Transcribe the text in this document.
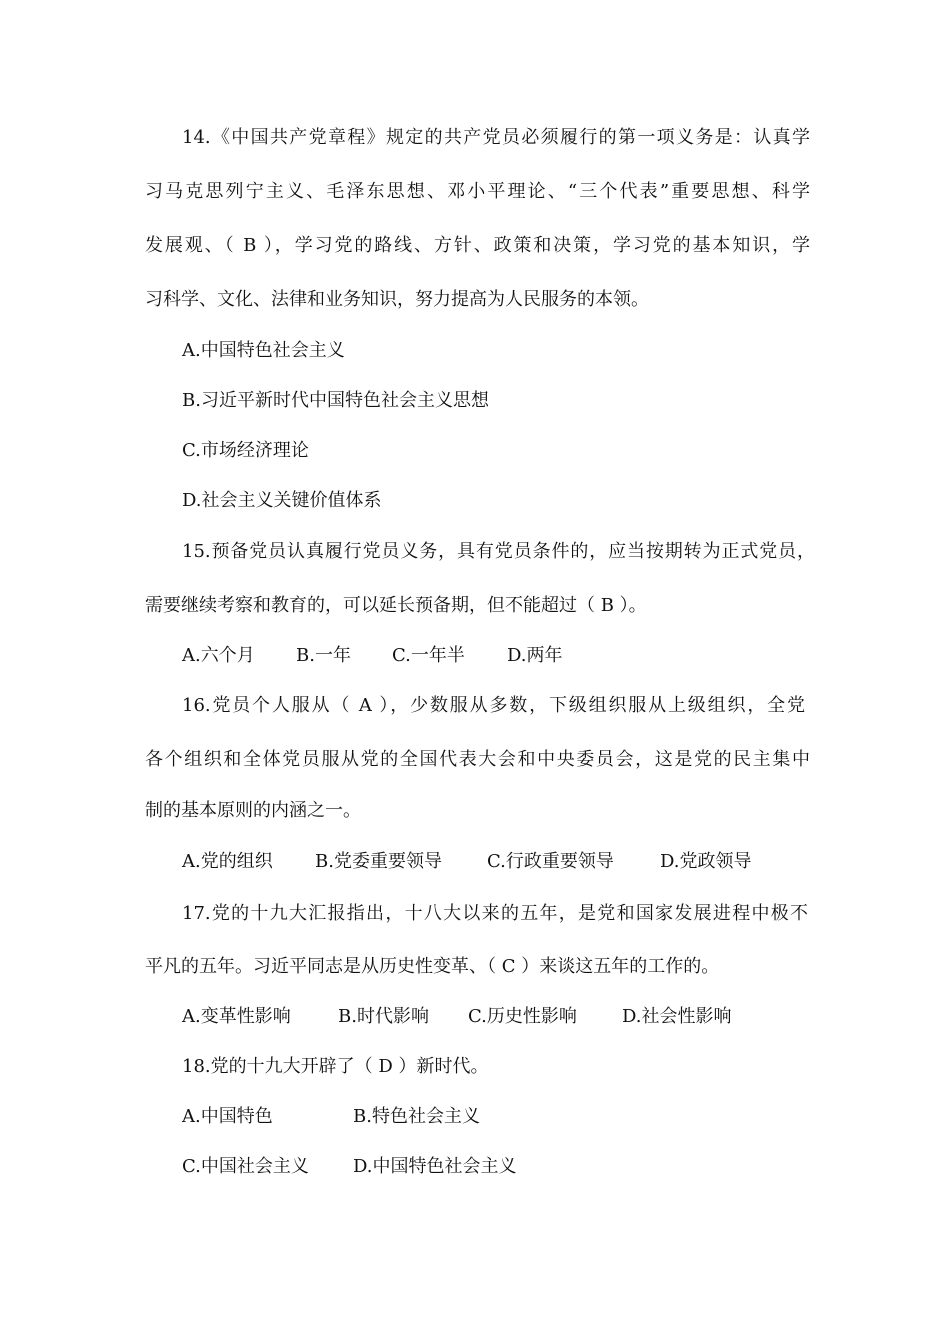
14.《中国共产党章程》规定的共产党员必须履行的第一项义务是：认真学
习马克思列宁主义、毛泽东思想、邓小平理论、“三个代表”重要思想、科学
发展观、（ B ），学习党的路线、方针、政策和决策，学习党的基本知识，学
习科学、文化、法律和业务知识，努力提高为人民服务的本领。
A.中国特色社会主义
B.习近平新时代中国特色社会主义思想
C.市场经济理论
D.社会主义关键价值体系
15.预备党员认真履行党员义务，具有党员条件的，应当按期转为正式党员，
需要继续考察和教育的，可以延长预备期，但不能超过（ B ）。
A.六个月 B.一年 C.一年半 D.两年
16.党员个人服从（ A ），少数服从多数，下级组织服从上级组织，全党
各个组织和全体党员服从党的全国代表大会和中央委员会，这是党的民主集中
制的基本原则的内涵之一。
A.党的组织 B.党委重要领导	C.行政重要领导	D.党政领导
17.党的十九大汇报指出，十八大以来的五年，是党和国家发展进程中极不
平凡的五年。习近平同志是从历史性变革、（ C ）来谈这五年的工作的。
A.变革性影响	B.时代影响 C.历史性影响	D.社会性影响
18.党的十九大开辟了（ D ）新时代。
A.中国特色	B.特色社会主义
C.中国社会主义 D.中国特色社会主义
